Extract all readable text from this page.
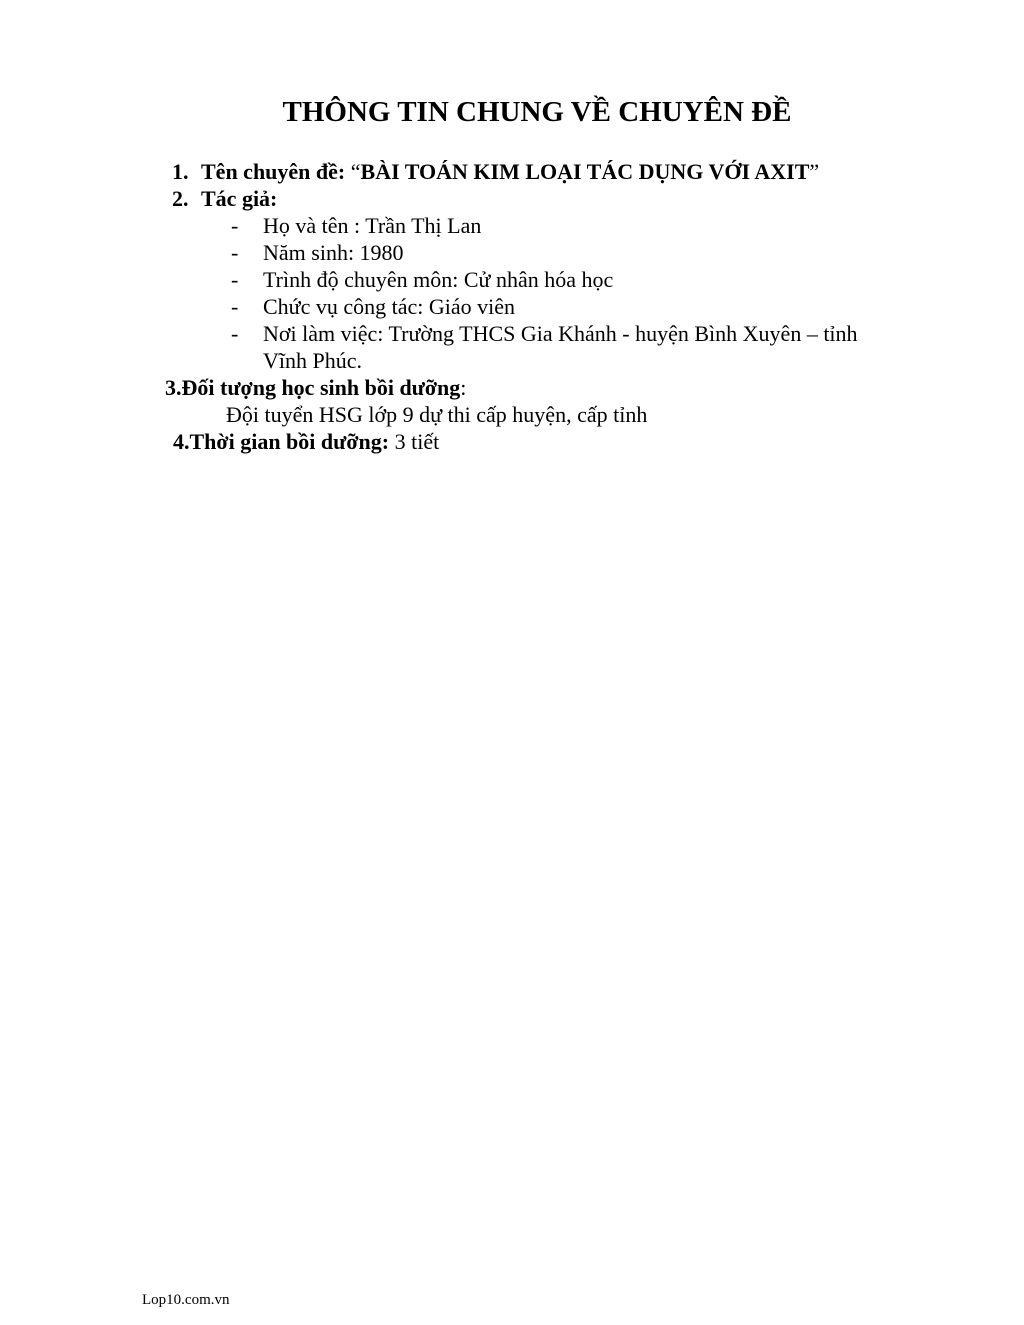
THÔNG TIN CHUNG VỀ CHUYÊN ĐỀ
1. Tên chuyên đề: “BÀI TOÁN KIM LOẠI TÁC DỤNG VỚI AXIT”
2. Tác giả:
- Họ và tên : Trần Thị Lan
- Năm sinh: 1980
- Trình độ chuyên môn: Cử nhân hóa học
- Chức vụ công tác: Giáo viên
- Nơi làm việc: Trường THCS Gia Khánh - huyện Bình Xuyên – tỉnh
Vĩnh Phúc.
3.Đối tượng học sinh bồi dưỡng:
Đội tuyển HSG lớp 9 dự thi cấp huyện, cấp tỉnh
4.Thời gian bồi dưỡng: 3 tiết
Lop10.com.vn
